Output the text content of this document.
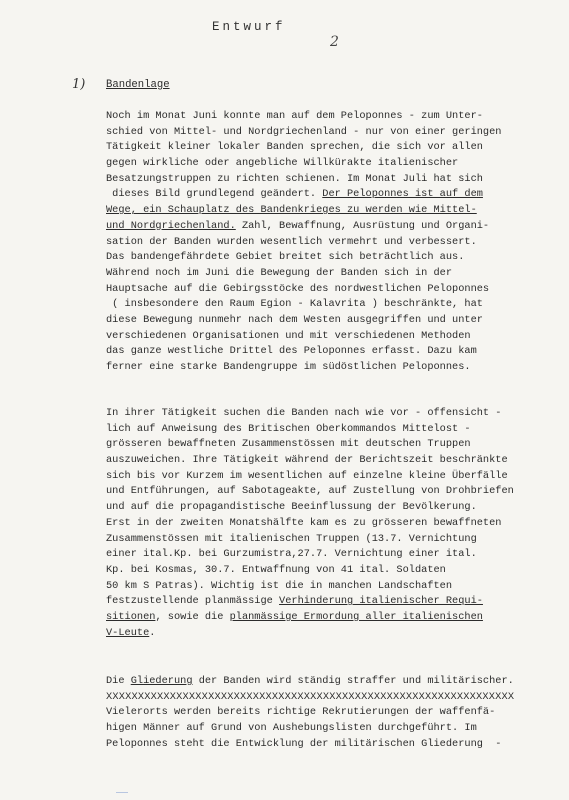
Entwurf
2
1) Bandenlage
Noch im Monat Juni konnte man auf dem Peloponnes - zum Unter-
schied von Mittel- und Nordgriechenland - nur von einer geringen
Tätigkeit kleiner lokaler Banden sprechen, die sich vor allen
gegen wirkliche oder angebliche Willkürakte italienischer
Besatzungstruppen zu richten schienen. Im Monat Juli hat sich
dieses Bild grundlegend geändert. Der Peloponnes ist auf dem
Wege, ein Schauplatz des Bandenkrieges zu werden wie Mittel-
und Nordgriechenland. Zahl, Bewaffnung, Ausrüstung und Organi-
sation der Banden wurden wesentlich vermehrt und verbessert.
Das bandengefährdete Gebiet breitet sich beträchtlich aus.
Während noch im Juni die Bewegung der Banden sich in der
Hauptsache auf die Gebirgsstöcke des nordwestlichen Peloponnes
( insbesondere den Raum Egion - Kalavrita ) beschränkte, hat
diese Bewegung nunmehr nach dem Westen ausgegriffen und unter
verschiedenen Organisationen und mit verschiedenen Methoden
das ganze westliche Drittel des Peloponnes erfasst. Dazu kam
ferner eine starke Bandengruppe im südöstlichen Peloponnes.
In ihrer Tätigkeit suchen die Banden nach wie vor - offensicht -
lich auf Anweisung des Britischen Oberkommandos Mittelost -
grösseren bewaffneten Zusammenstössen mit deutschen Truppen
auszuweichen. Ihre Tätigkeit während der Berichtszeit beschränkte
sich bis vor Kurzem im wesentlichen auf einzelne kleine Überfälle
und Entführungen, auf Sabotageakte, auf Zustellung von Drohbriefen
und auf die propagandistische Beeinflussung der Bevölkerung.
Erst in der zweiten Monatshälfte kam es zu grösseren bewaffneten
Zusammenstössen mit italienischen Truppen (13.7. Vernichtung
einer ital.Kp. bei Gurzumistra,27.7. Vernichtung einer ital.
Kp. bei Kosmas, 30.7. Entwaffnung von 41 ital. Soldaten
50 km S Patras). Wichtig ist die in manchen Landschaften
festzustellende planmässige Verhinderung italienischer Requi-
sitionen, sowie die planmässige Ermordung aller italienischen
V-Leute.
Die Gliederung der Banden wird ständig straffer und militärischer.
XXXXXXXXXXXXXXXXXXXXXXXXXXXXXXXXXXXXXXXXXXXXXXXXXXXXXXXXXXXXXXXX
Vielerorts werden bereits richtige Rekrutierungen der waffenfä-
higen Männer auf Grund von Aushebungslisten durchgeführt. Im
Peloponnes steht die Entwicklung der militärischen Gliederung  -
